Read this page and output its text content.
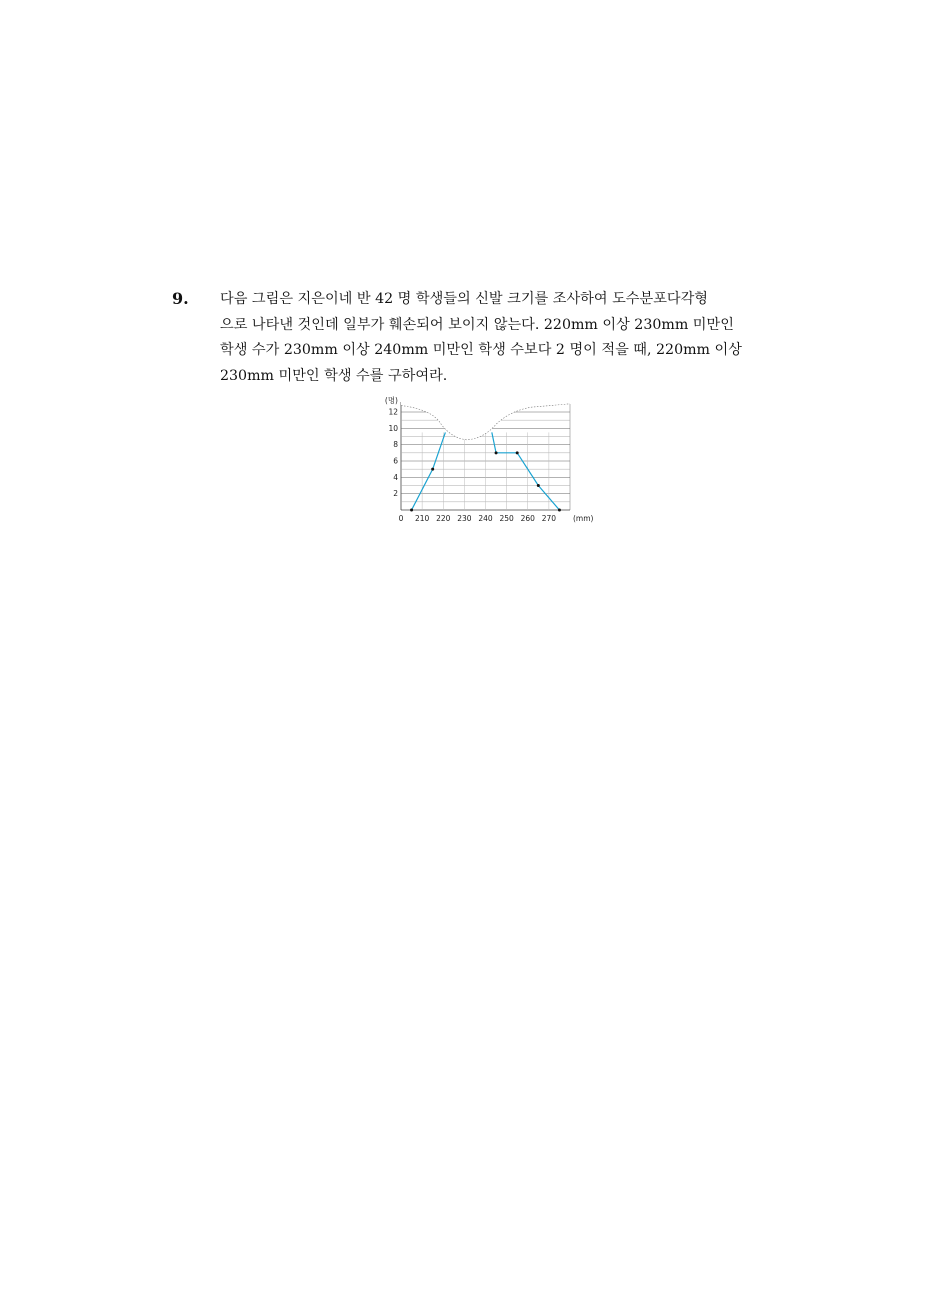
9. 다음 그림은 지은이네 반 42 명 학생들의 신발 크기를 조사하여 도수분포다각형
으로 나타낸 것인데 일부가 훼손되어 보이지 않는다. 220mm 이상 230mm 미만인
학생 수가 230mm 이상 240mm 미만인 학생 수보다 2 명이 적을 때, 220mm 이상
230mm 미만인 학생 수를 구하여라.
2
4
6
8
10
12
(명)
0 210 220 230 240 250 260 270 (mm)
